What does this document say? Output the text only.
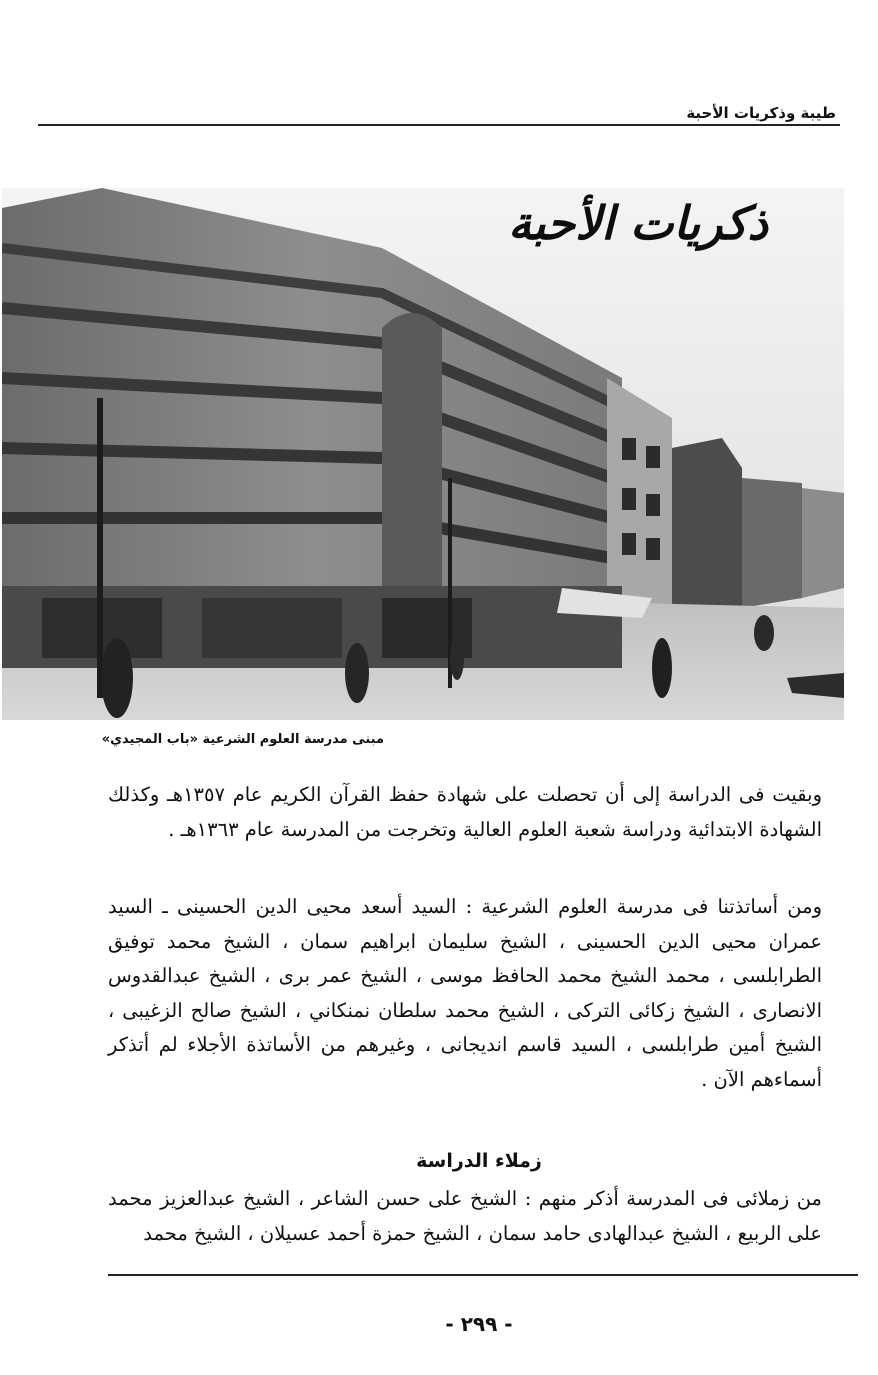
طيبة وذكريات الأحبة
ذكريات الأحبة
مبنى مدرسة العلوم الشرعية «باب المجيدي»

وبقيت فى الدراسة إلى أن تحصلت على شهادة حفظ القرآن الكريم عام ١٣٥٧هـ وكذلك الشهادة الابتدائية ودراسة شعبة العلوم العالية وتخرجت من المدرسة عام ١٣٦٣هـ .

ومن أساتذتنا فى مدرسة العلوم الشرعية : السيد أسعد محيى الدين الحسينى ـ السيد عمران محيى الدين الحسينى ، الشيخ سليمان ابراهيم سمان ، الشيخ محمد توفيق الطرابلسى ، محمد الشيخ محمد الحافظ موسى ، الشيخ عمر برى ، الشيخ عبدالقدوس الانصارى ، الشيخ زكائى التركى ، الشيخ محمد سلطان نمنكاني ، الشيخ صالح الزغيبى ، الشيخ أمين طرابلسى ، السيد قاسم انديجانى ، وغيرهم من الأساتذة الأجلاء لم أتذكر أسماءهم الآن .

زملاء الدراسة

من زملائى فى المدرسة أذكر منهم : الشيخ على حسن الشاعر ، الشيخ عبدالعزيز محمد على الربيع ، الشيخ عبدالهادى حامد سمان ، الشيخ حمزة أحمد عسيلان ، الشيخ محمد

- ٢٩٩ -
